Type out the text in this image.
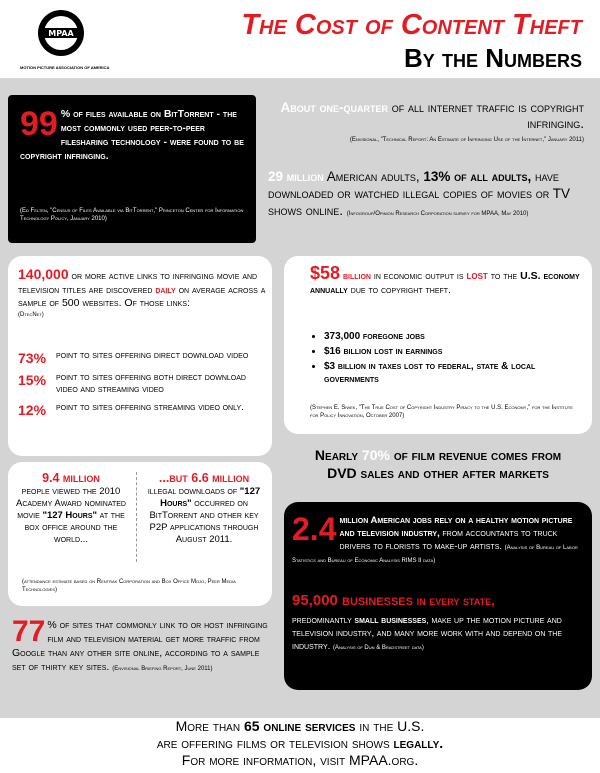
MPAA
MOTION PICTURE ASSOCIATION OF AMERICA
The Cost of Content Theft
By the Numbers
99 % of files available on BitTorrent - the most commonly used peer-to-peer filesharing technology - were found to be copyright infringing.
(Ed Felten, "Census of Files Available via BitTorrent," Princeton Center for Information Technology Policy, January 2010)
About one-quarter of all internet traffic is copyright infringing.
(Envisional, "Technical Report: An Estimate of Infringing Use of the Internet," January 2011)
29 million American adults, 13% of all adults, have downloaded or watched illegal copies of movies or TV shows online. (Infogroup/Opinion Research Corporation survey for MPAA, May 2010)
140,000 or more active links to infringing movie and television titles are discovered daily on average across a sample of 500 websites. Of those links:
(DtecNet)
73%	point to sites offering direct download video
15%	point to sites offering both direct download video and streaming video
12%	point to sites offering streaming video only.
$58 billion in economic output is lost to the U.S. economy annually due to copyright theft.
• 373,000 foregone jobs
• $16 billion lost in earnings
• $3 billion in taxes lost to federal, state & local governments
(Stephen E. Siwek, "The True Cost of Copyright Industry Piracy to the U.S. Economy," for the Institute for Policy Innovation, October 2007)
9.4 million
people viewed the 2010 Academy Award nominated movie "127 Hours" at the box office around the world...
...but 6.6 million
illegal downloads of "127 Hours" occurred on BitTorrent and other key P2P applications through August 2011.
(attendance estimate based on Rentrak Corporation and Box Office Mojo, Peer Media Technologies)
Nearly 70% of film revenue comes from
DVD sales and other after markets
2.4 million American jobs rely on a healthy motion picture and television industry, from accountants to truck drivers to florists to make-up artists. (Analysis of Bureau of Labor Statistics and Bureau of Economic Analysis RIMS II data)
95,000 businesses in every state,
predominantly small businesses, make up the motion picture and television industry, and many more work with and depend on the industry. (Analysis of Dun & Bradstreet data)
77 % of sites that commonly link to or host infringing film and television material get more traffic from Google than any other site online, according to a sample set of thirty key sites. (Envisional Briefing Report, June 2011)
More than 65 online services in the U.S.
are offering films or television shows legally.
For more information, visit MPAA.org.
